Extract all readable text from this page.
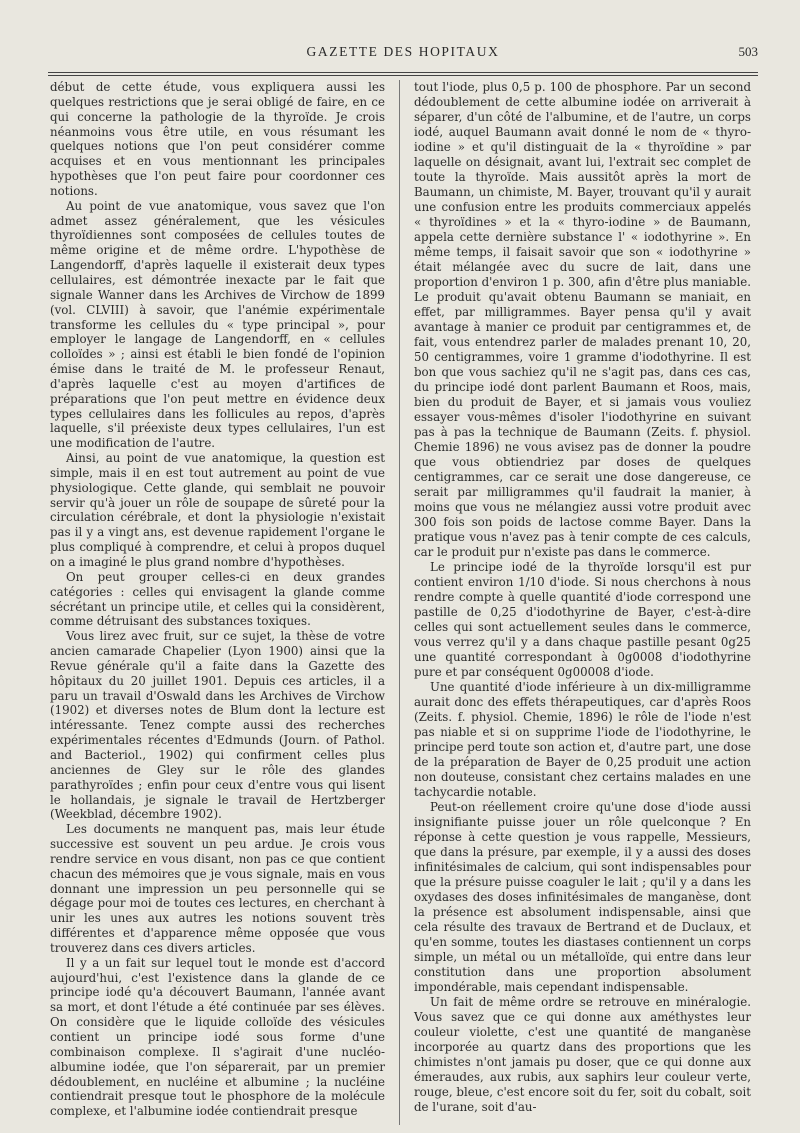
GAZETTE DES HOPITAUX	503

début de cette étude, vous expliquera aussi les quelques restrictions que je serai obligé de faire, en ce qui concerne la pathologie de la thyroïde. Je crois néanmoins vous être utile, en vous résumant les quelques notions que l'on peut considérer comme acquises et en vous mentionnant les principales hypothèses que l'on peut faire pour coordonner ces notions.

Au point de vue anatomique, vous savez que l'on admet assez généralement, que les vésicules thyroïdiennes sont composées de cellules toutes de même origine et de même ordre. L'hypothèse de Langendorff, d'après laquelle il existerait deux types cellulaires, est démontrée inexacte par le fait que signale Wanner dans les Archives de Virchow de 1899 (vol. CLVIII) à savoir, que l'anémie expérimentale transforme les cellules du « type principal », pour employer le langage de Langendorff, en « cellules colloïdes » ; ainsi est établi le bien fondé de l'opinion émise dans le traité de M. le professeur Renaut, d'après laquelle c'est au moyen d'artifices de préparations que l'on peut mettre en évidence deux types cellulaires dans les follicules au repos, d'après laquelle, s'il préexiste deux types cellulaires, l'un est une modification de l'autre.

Ainsi, au point de vue anatomique, la question est simple, mais il en est tout autrement au point de vue physiologique. Cette glande, qui semblait ne pouvoir servir qu'à jouer un rôle de soupape de sûreté pour la circulation cérébrale, et dont la physiologie n'existait pas il y a vingt ans, est devenue rapidement l'organe le plus compliqué à comprendre, et celui à propos duquel on a imaginé le plus grand nombre d'hypothèses.

On peut grouper celles-ci en deux grandes catégories : celles qui envisagent la glande comme sécrétant un principe utile, et celles qui la considèrent, comme détruisant des substances toxiques.

Vous lirez avec fruit, sur ce sujet, la thèse de votre ancien camarade Chapelier (Lyon 1900) ainsi que la Revue générale qu'il a faite dans la Gazette des hôpitaux du 20 juillet 1901. Depuis ces articles, il a paru un travail d'Oswald dans les Archives de Virchow (1902) et diverses notes de Blum dont la lecture est intéressante. Tenez compte aussi des recherches expérimentales récentes d'Edmunds (Journ. of Pathol. and Bacteriol., 1902) qui confirment celles plus anciennes de Gley sur le rôle des glandes parathyroïdes ; enfin pour ceux d'entre vous qui lisent le hollandais, je signale le travail de Hertzberger (Weekblad, décembre 1902).

Les documents ne manquent pas, mais leur étude successive est souvent un peu ardue. Je crois vous rendre service en vous disant, non pas ce que contient chacun des mémoires que je vous signale, mais en vous donnant une impression un peu personnelle qui se dégage pour moi de toutes ces lectures, en cherchant à unir les unes aux autres les notions souvent très différentes et d'apparence même opposée que vous trouverez dans ces divers articles.

Il y a un fait sur lequel tout le monde est d'accord aujourd'hui, c'est l'existence dans la glande de ce principe iodé qu'a découvert Baumann, l'année avant sa mort, et dont l'étude a été continuée par ses élèves. On considère que le liquide colloïde des vésicules contient un principe iodé sous forme d'une combinaison complexe. Il s'agirait d'une nucléo-albumine iodée, que l'on séparerait, par un premier dédoublement, en nucléine et albumine ; la nucléine contiendrait presque tout le phosphore de la molécule complexe, et l'albumine iodée contiendrait presque

tout l'iode, plus 0,5 p. 100 de phosphore. Par un second dédoublement de cette albumine iodée on arriverait à séparer, d'un côté de l'albumine, et de l'autre, un corps iodé, auquel Baumann avait donné le nom de « thyro-iodine » et qu'il distinguait de la « thyroïdine » par laquelle on désignait, avant lui, l'extrait sec complet de toute la thyroïde. Mais aussitôt après la mort de Baumann, un chimiste, M. Bayer, trouvant qu'il y aurait une confusion entre les produits commerciaux appelés « thyroïdines » et la « thyro-iodine » de Baumann, appela cette dernière substance l' « iodothyrine ». En même temps, il faisait savoir que son « iodothyrine » était mélangée avec du sucre de lait, dans une proportion d'environ 1 p. 300, afin d'être plus maniable. Le produit qu'avait obtenu Baumann se maniait, en effet, par milligrammes. Bayer pensa qu'il y avait avantage à manier ce produit par centigrammes et, de fait, vous entendrez parler de malades prenant 10, 20, 50 centigrammes, voire 1 gramme d'iodothyrine. Il est bon que vous sachiez qu'il ne s'agit pas, dans ces cas, du principe iodé dont parlent Baumann et Roos, mais, bien du produit de Bayer, et si jamais vous vouliez essayer vous-mêmes d'isoler l'iodothyrine en suivant pas à pas la technique de Baumann (Zeits. f. physiol. Chemie 1896) ne vous avisez pas de donner la poudre que vous obtiendriez par doses de quelques centigrammes, car ce serait une dose dangereuse, ce serait par milligrammes qu'il faudrait la manier, à moins que vous ne mélangiez aussi votre produit avec 300 fois son poids de lactose comme Bayer. Dans la pratique vous n'avez pas à tenir compte de ces calculs, car le produit pur n'existe pas dans le commerce.

Le principe iodé de la thyroïde lorsqu'il est pur contient environ 1/10 d'iode. Si nous cherchons à nous rendre compte à quelle quantité d'iode correspond une pastille de 0,25 d'iodothyrine de Bayer, c'est-à-dire celles qui sont actuellement seules dans le commerce, vous verrez qu'il y a dans chaque pastille pesant 0g25 une quantité correspondant à 0g0008 d'iodothyrine pure et par conséquent 0g00008 d'iode.

Une quantité d'iode inférieure à un dix-milligramme aurait donc des effets thérapeutiques, car d'après Roos (Zeits. f. physiol. Chemie, 1896) le rôle de l'iode n'est pas niable et si on supprime l'iode de l'iodothyrine, le principe perd toute son action et, d'autre part, une dose de la préparation de Bayer de 0,25 produit une action non douteuse, consistant chez certains malades en une tachycardie notable.

Peut-on réellement croire qu'une dose d'iode aussi insignifiante puisse jouer un rôle quelconque ? En réponse à cette question je vous rappelle, Messieurs, que dans la présure, par exemple, il y a aussi des doses infinitésimales de calcium, qui sont indispensables pour que la présure puisse coaguler le lait ; qu'il y a dans les oxydases des doses infinitésimales de manganèse, dont la présence est absolument indispensable, ainsi que cela résulte des travaux de Bertrand et de Duclaux, et qu'en somme, toutes les diastases contiennent un corps simple, un métal ou un métalloïde, qui entre dans leur constitution dans une proportion absolument impondérable, mais cependant indispensable.

Un fait de même ordre se retrouve en minéralogie. Vous savez que ce qui donne aux améthystes leur couleur violette, c'est une quantité de manganèse incorporée au quartz dans des proportions que les chimistes n'ont jamais pu doser, que ce qui donne aux émeraudes, aux rubis, aux saphirs leur couleur verte, rouge, bleue, c'est encore soit du fer, soit du cobalt, soit de l'urane, soit d'au-
